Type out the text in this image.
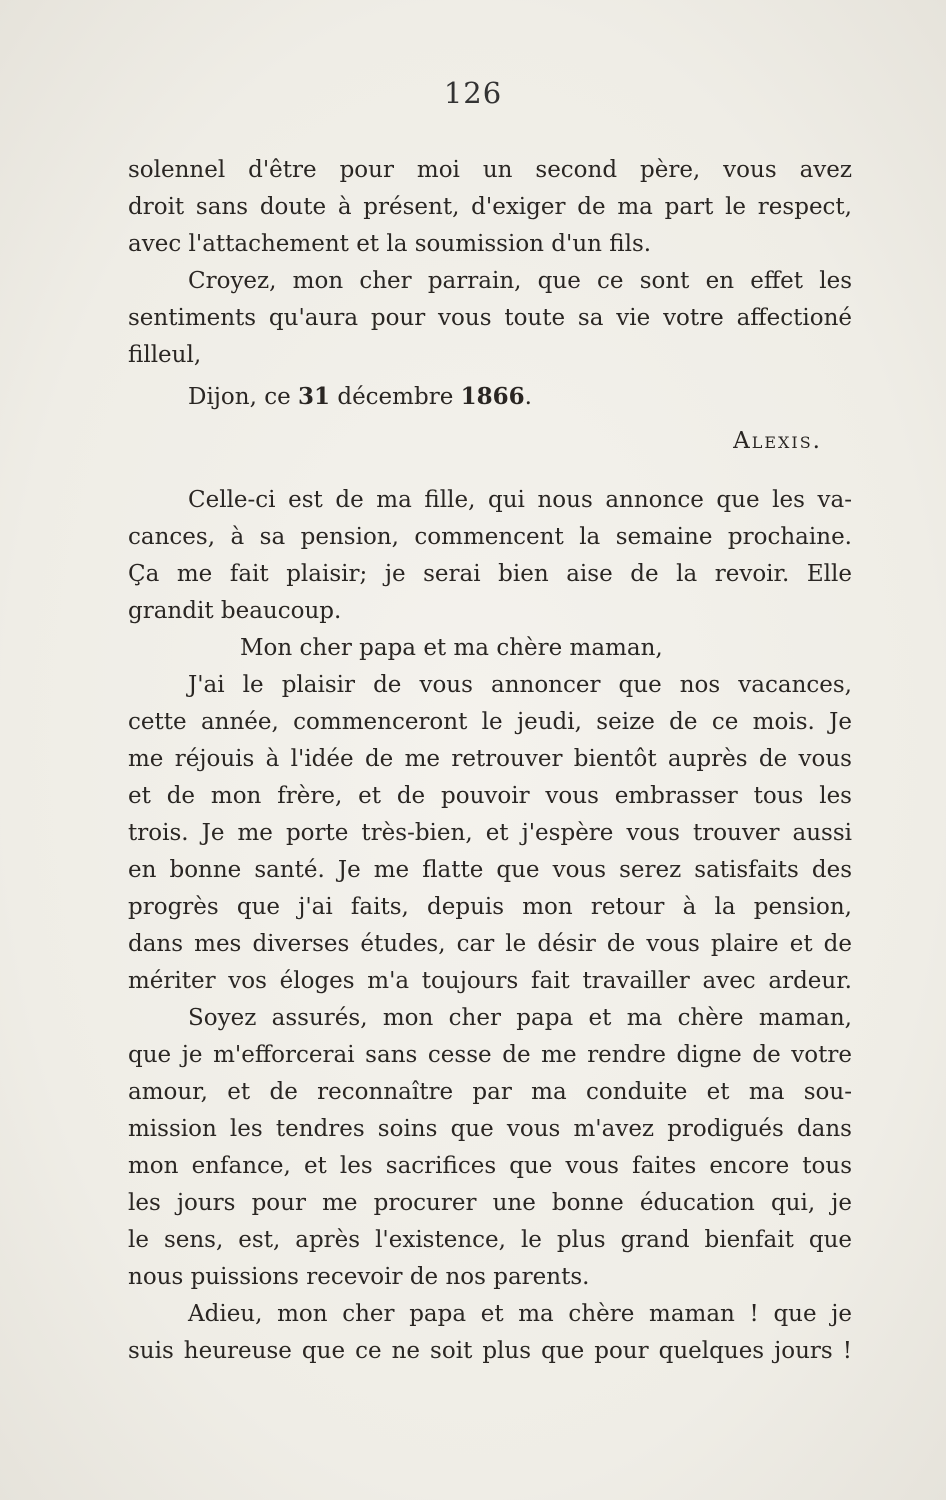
126
solennel d'être pour moi un second père, vous avez
droit sans doute à présent, d'exiger de ma part le respect,
avec l'attachement et la soumission d'un fils.
Croyez, mon cher parrain, que ce sont en effet les
sentiments qu'aura pour vous toute sa vie votre affectioné
filleul,
Dijon, ce 31 décembre 1866.
Alexis.
Celle-ci est de ma fille, qui nous annonce que les va-
cances, à sa pension, commencent la semaine prochaine.
Ça me fait plaisir; je serai bien aise de la revoir. Elle
grandit beaucoup.
Mon cher papa et ma chère maman,
J'ai le plaisir de vous annoncer que nos vacances,
cette année, commenceront le jeudi, seize de ce mois. Je
me réjouis à l'idée de me retrouver bientôt auprès de vous
et de mon frère, et de pouvoir vous embrasser tous les
trois. Je me porte très-bien, et j'espère vous trouver aussi
en bonne santé. Je me flatte que vous serez satisfaits des
progrès que j'ai faits, depuis mon retour à la pension,
dans mes diverses études, car le désir de vous plaire et de
mériter vos éloges m'a toujours fait travailler avec ardeur.
Soyez assurés, mon cher papa et ma chère maman,
que je m'efforcerai sans cesse de me rendre digne de votre
amour, et de reconnaître par ma conduite et ma sou-
mission les tendres soins que vous m'avez prodigués dans
mon enfance, et les sacrifices que vous faites encore tous
les jours pour me procurer une bonne éducation qui, je
le sens, est, après l'existence, le plus grand bienfait que
nous puissions recevoir de nos parents.
Adieu, mon cher papa et ma chère maman ! que je
suis heureuse que ce ne soit plus que pour quelques jours !
